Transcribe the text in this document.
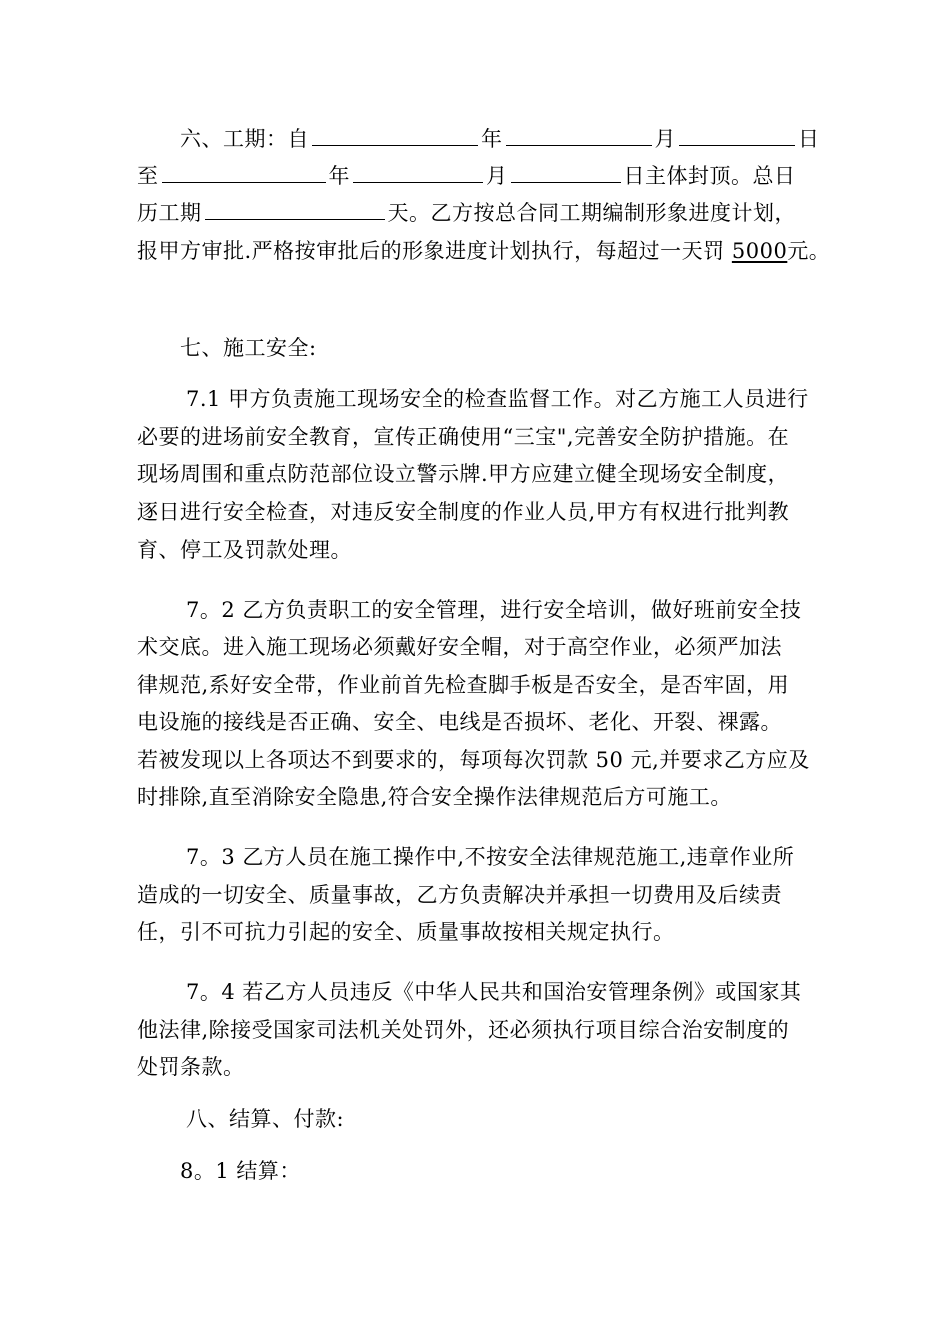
六、工期：自	年	月	日
至	年	月	日主体封顶。总日
历工期	天。乙方按总合同工期编制形象进度计划，
报甲方审批.严格按审批后的形象进度计划执行，每超过一天罚 5000元。
七、施工安全:
7.1 甲方负责施工现场安全的检查监督工作。对乙方施工人员进行
必要的进场前安全教育，宣传正确使用“三宝",完善安全防护措施。在
现场周围和重点防范部位设立警示牌.甲方应建立健全现场安全制度，
逐日进行安全检查，对违反安全制度的作业人员,甲方有权进行批判教
育、停工及罚款处理。
7。2 乙方负责职工的安全管理，进行安全培训，做好班前安全技
术交底。进入施工现场必须戴好安全帽，对于高空作业，必须严加法
律规范,系好安全带，作业前首先检查脚手板是否安全，是否牢固，用
电设施的接线是否正确、安全、电线是否损坏、老化、开裂、裸露。
若被发现以上各项达不到要求的，每项每次罚款 50 元,并要求乙方应及
时排除,直至消除安全隐患,符合安全操作法律规范后方可施工。
7。3 乙方人员在施工操作中,不按安全法律规范施工,违章作业所
造成的一切安全、质量事故，乙方负责解决并承担一切费用及后续责
任，引不可抗力引起的安全、质量事故按相关规定执行。
7。4 若乙方人员违反《中华人民共和国治安管理条例》或国家其
他法律,除接受国家司法机关处罚外，还必须执行项目综合治安制度的
处罚条款。
八、结算、付款:
8。1 结算：
